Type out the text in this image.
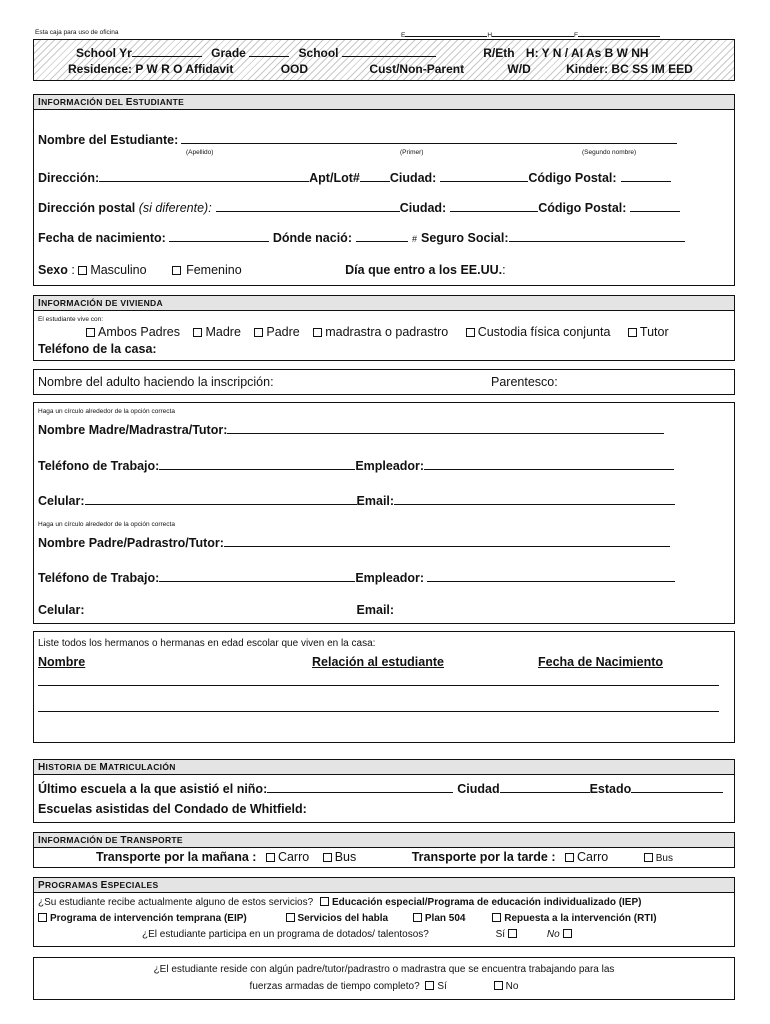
Esta caja para uso de oficina	E	H	F
School Yr	Grade	School	R/Eth H: Y N / AI As B W NH
Residence: P W R O Affidavit	OOD	Cust/Non-Parent	W/D	Kinder: BC SS IM EED
INFORMACIÓN DEL ESTUDIANTE
Nombre del Estudiante:
(Apellido)	(Primer)	(Segundo nombre)
Dirección:	Apt/Lot# Ciudad:	Código Postal:
Dirección postal (si diferente):	Ciudad:	Código Postal:
Fecha de nacimiento:	Dónde nació:	# Seguro Social:
Sexo : Masculino	Femenino	Día que entro a los EE.UU.:
INFORMACIÓN DE VIVIENDA
El estudiante vive con:
Ambos Padres Madre Padre madrastra o padrastro Custodia física conjunta Tutor
Teléfono de la casa:
Nombre del adulto haciendo la inscripción:	Parentesco:
Haga un círculo alrededor de la opción correcta
Nombre Madre/Madrastra/Tutor:
Teléfono de Trabajo:	Empleador:
Celular:	Email:
Haga un círculo alrededor de la opción correcta
Nombre Padre/Padrastro/Tutor:
Teléfono de Trabajo:	Empleador:
Celular:	Email:
Liste todos los hermanos o hermanas en edad escolar que viven en la casa:
Nombre	Relación al estudiante	Fecha de Nacimiento
HISTORIA DE MATRICULACIÓN
Último escuela a la que asistió el niño:	Ciudad	Estado
Escuelas asistidas del Condado de Whitfield:
INFORMACIÓN DE TRANSPORTE
Transporte por la mañana : Carro Bus	Transporte por la tarde : Carro	Bus
PROGRAMAS ESPECIALES
¿Su estudiante recibe actualmente alguno de estos servicios? Educación especial/Programa de educación individualizado (IEP)
Programa de intervención temprana (EIP)	Servicios del habla	Plan 504	Repuesta a la intervención (RTI)
¿El estudiante participa en un programa de dotados/ talentosos?	Sí	No
¿El estudiante reside con algún padre/tutor/padrastro o madrastra que se encuentra trabajando para las
fuerzas armadas de tiempo completo? Sí	No
